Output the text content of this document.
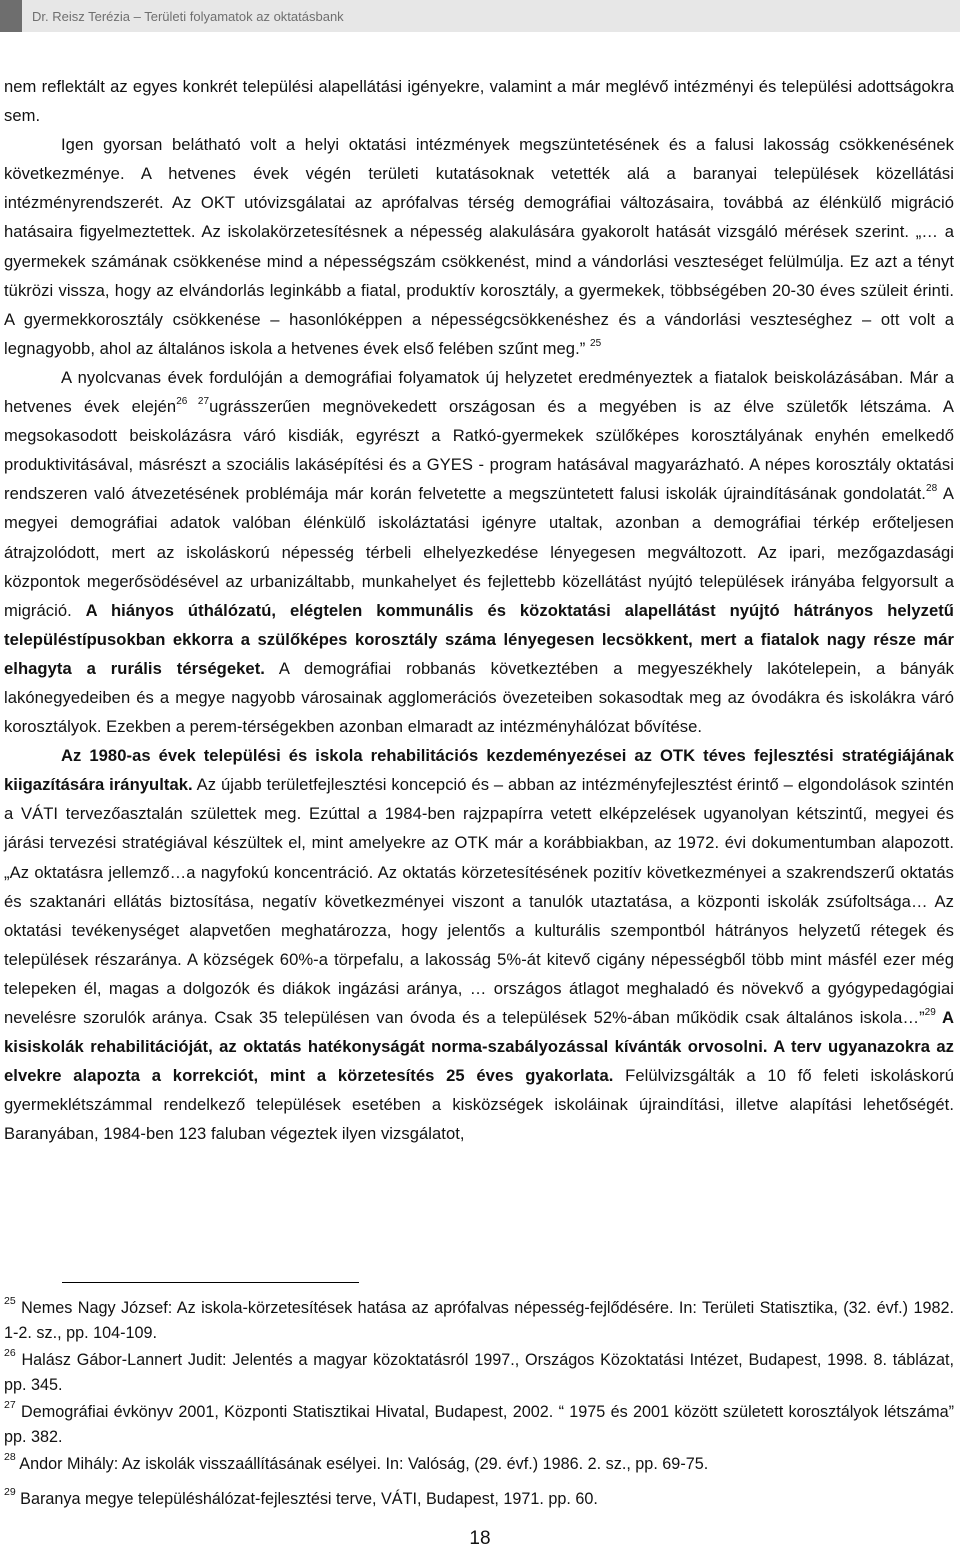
Dr. Reisz Terézia – Területi folyamatok az oktatásbank

nem reflektált az egyes konkrét települési alapellátási igényekre, valamint a már meglévő intézményi és települési adottságokra sem.

Igen gyorsan belátható volt a helyi oktatási intézmények megszüntetésének és a falusi lakosság csökkenésének következménye. A hetvenes évek végén területi kutatásoknak vetették alá a baranyai települések közellátási intézményrendszerét. Az OKT utóvizsgálatai az aprófalvas térség demográfiai változásaira, továbbá az élénkülő migráció hatásaira figyelmeztettek. Az iskolakörzetesítésnek a népesség alakulására gyakorolt hatását vizsgáló mérések szerint. „… a gyermekek számának csökkenése mind a népességszám csökkenést, mind a vándorlási veszteséget felülmúlja. Ez azt a tényt tükrözi vissza, hogy az elvándorlás leginkább a fiatal, produktív korosztály, a gyermekek, többségében 20-30 éves szüleit érinti. A gyermekkorosztály csökkenése – hasonlóképpen a népességcsökkenéshez és a vándorlási veszteséghez – ott volt a legnagyobb, ahol az általános iskola a hetvenes évek első felében szűnt meg.” $^{25}$

A nyolcvanas évek fordulóján a demográfiai folyamatok új helyzetet eredményeztek a fiatalok beiskolázásában. Már a hetvenes évek elején$^{26 27}$ugrásszerűen megnövekedett országosan és a megyében is az élve születők létszáma. A megsokasodott beiskolázásra váró kisdiák, egyrészt a Ratkó-gyermekek szülőképes korosztályának enyhén emelkedő produktivitásával, másrészt a szociális lakásépítési és a GYES - program hatásával magyarázható. A népes korosztály oktatási rendszeren való átvezetésének problémája már korán felvetette a megszüntetett falusi iskolák újraindításának gondolatát.$^{28}$ A megyei demográfiai adatok valóban élénkülő iskoláztatási igényre utaltak, azonban a demográfiai térkép erőteljesen átrajzolódott, mert az iskoláskorú népesség térbeli elhelyezkedése lényegesen megváltozott. Az ipari, mezőgazdasági központok megerősödésével az urbanizáltabb, munkahelyet és fejlettebb közellátást nyújtó települések irányába felgyorsult a migráció. A hiányos úthálózatú, elégtelen kommunális és közoktatási alapellátást nyújtó hátrányos helyzetű településtípusokban ekkorra a szülőképes korosztály száma lényegesen lecsökkent, mert a fiatalok nagy része már elhagyta a rurális térségeket. A demográfiai robbanás következtében a megyeszékhely lakótelepein, a bányák lakónegyedeiben és a megye nagyobb városainak agglomerációs övezeteiben sokasodtak meg az óvodákra és iskolákra váró korosztályok. Ezekben a perem-térségekben azonban elmaradt az intézményhálózat bővítése.

Az 1980-as évek települési és iskola rehabilitációs kezdeményezései az OTK téves fejlesztési stratégiájának kiigazítására irányultak. Az újabb területfejlesztési koncepció és – abban az intézményfejlesztést érintő – elgondolások szintén a VÁTI tervezőasztalán születtek meg. Ezúttal a 1984-ben rajzpapírra vetett elképzelések ugyanolyan kétszintű, megyei és járási tervezési stratégiával készültek el, mint amelyekre az OTK már a korábbiakban, az 1972. évi dokumentumban alapozott. „Az oktatásra jellemző…a nagyfokú koncentráció. Az oktatás körzetesítésének pozitív következményei a szakrendszerű oktatás és szaktanári ellátás biztosítása, negatív következményei viszont a tanulók utaztatása, a központi iskolák zsúfoltsága… Az oktatási tevékenységet alapvetően meghatározza, hogy jelentős a kulturális szempontból hátrányos helyzetű rétegek és települések részaránya. A községek 60%-a törpefalu, a lakosság 5%-át kitevő cigány népességből több mint másfél ezer még telepeken él, magas a dolgozók és diákok ingázási aránya, … országos átlagot meghaladó és növekvő a gyógypedagógiai nevelésre szorulók aránya. Csak 35 településen van óvoda és a települések 52%-ában működik csak általános iskola…”$^{29}$ A kisiskolák rehabilitációját, az oktatás hatékonyságát norma-szabályozással kívánták orvosolni. A terv ugyanazokra az elvekre alapozta a korrekciót, mint a körzetesítés 25 éves gyakorlata. Felülvizsgálták a 10 fő feleti iskoláskorú gyermeklétszámmal rendelkező települések esetében a kisközségek iskoláinak újraindítási, illetve alapítási lehetőségét. Baranyában, 1984-ben 123 faluban végeztek ilyen vizsgálatot,

$^{25}$ Nemes Nagy József: Az iskola-körzetesítések hatása az aprófalvas népesség-fejlődésére. In: Területi Statisztika, (32. évf.) 1982. 1-2. sz., pp. 104-109.

$^{26}$ Halász Gábor-Lannert Judit: Jelentés a magyar közoktatásról 1997., Országos Közoktatási Intézet, Budapest, 1998. 8. táblázat, pp. 345.

$^{27}$ Demográfiai évkönyv 2001, Központi Statisztikai Hivatal, Budapest, 2002. “ 1975 és 2001 között született korosztályok létszáma” pp. 382.

$^{28}$ Andor Mihály: Az iskolák visszaállításának esélyei. In: Valóság, (29. évf.) 1986. 2. sz., pp. 69-75.

$^{29}$ Baranya megye településhálózat-fejlesztési terve, VÁTI, Budapest, 1971. pp. 60.

18
